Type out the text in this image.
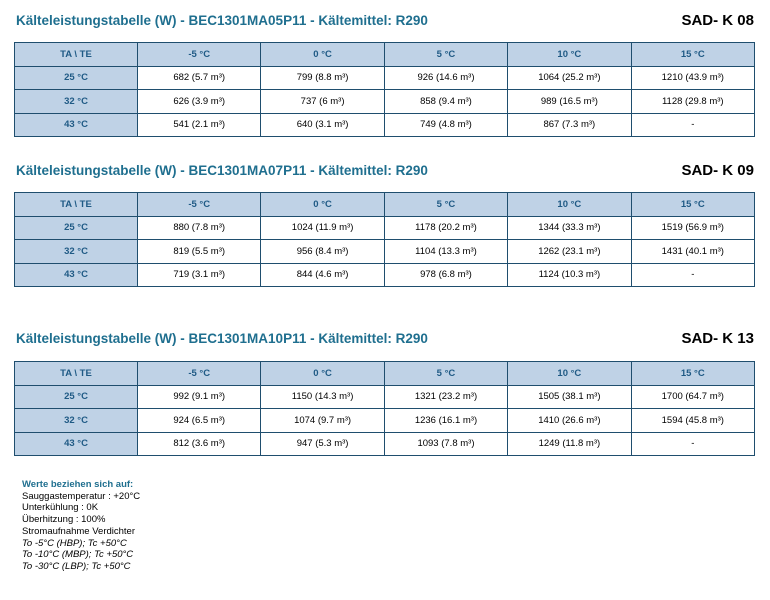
Kälteleistungstabelle (W) - BEC1301MA05P11 - Kältemittel: R290	SAD- K 08
TA \ TE	-5 °C	0 °C	5 °C	10 °C	15 °C
25 °C	682 (5.7 m³)	799 (8.8 m³)	926 (14.6 m³)	1064 (25.2 m³)	1210 (43.9 m³)
32 °C	626 (3.9 m³)	737 (6 m³)	858 (9.4 m³)	989 (16.5 m³)	1128 (29.8 m³)
43 °C	541 (2.1 m³)	640 (3.1 m³)	749 (4.8 m³)	867 (7.3 m³)	-
Kälteleistungstabelle (W) - BEC1301MA07P11 - Kältemittel: R290	SAD- K 09
TA \ TE	-5 °C	0 °C	5 °C	10 °C	15 °C
25 °C	880 (7.8 m³)	1024 (11.9 m³)	1178 (20.2 m³)	1344 (33.3 m³)	1519 (56.9 m³)
32 °C	819 (5.5 m³)	956 (8.4 m³)	1104 (13.3 m³)	1262 (23.1 m³)	1431 (40.1 m³)
43 °C	719 (3.1 m³)	844 (4.6 m³)	978 (6.8 m³)	1124 (10.3 m³)	-
Kälteleistungstabelle (W) - BEC1301MA10P11 - Kältemittel: R290	SAD- K 13
TA \ TE	-5 °C	0 °C	5 °C	10 °C	15 °C
25 °C	992 (9.1 m³)	1150 (14.3 m³)	1321 (23.2 m³)	1505 (38.1 m³)	1700 (64.7 m³)
32 °C	924 (6.5 m³)	1074 (9.7 m³)	1236 (16.1 m³)	1410 (26.6 m³)	1594 (45.8 m³)
43 °C	812 (3.6 m³)	947 (5.3 m³)	1093 (7.8 m³)	1249 (11.8 m³)	-
Werte beziehen sich auf:
Sauggastemperatur : +20°C
Unterkühlung : 0K
Überhitzung : 100%
Stromaufnahme Verdichter
To -5°C (HBP); Tc +50°C
To -10°C (MBP); Tc +50°C
To -30°C (LBP); Tc +50°C
